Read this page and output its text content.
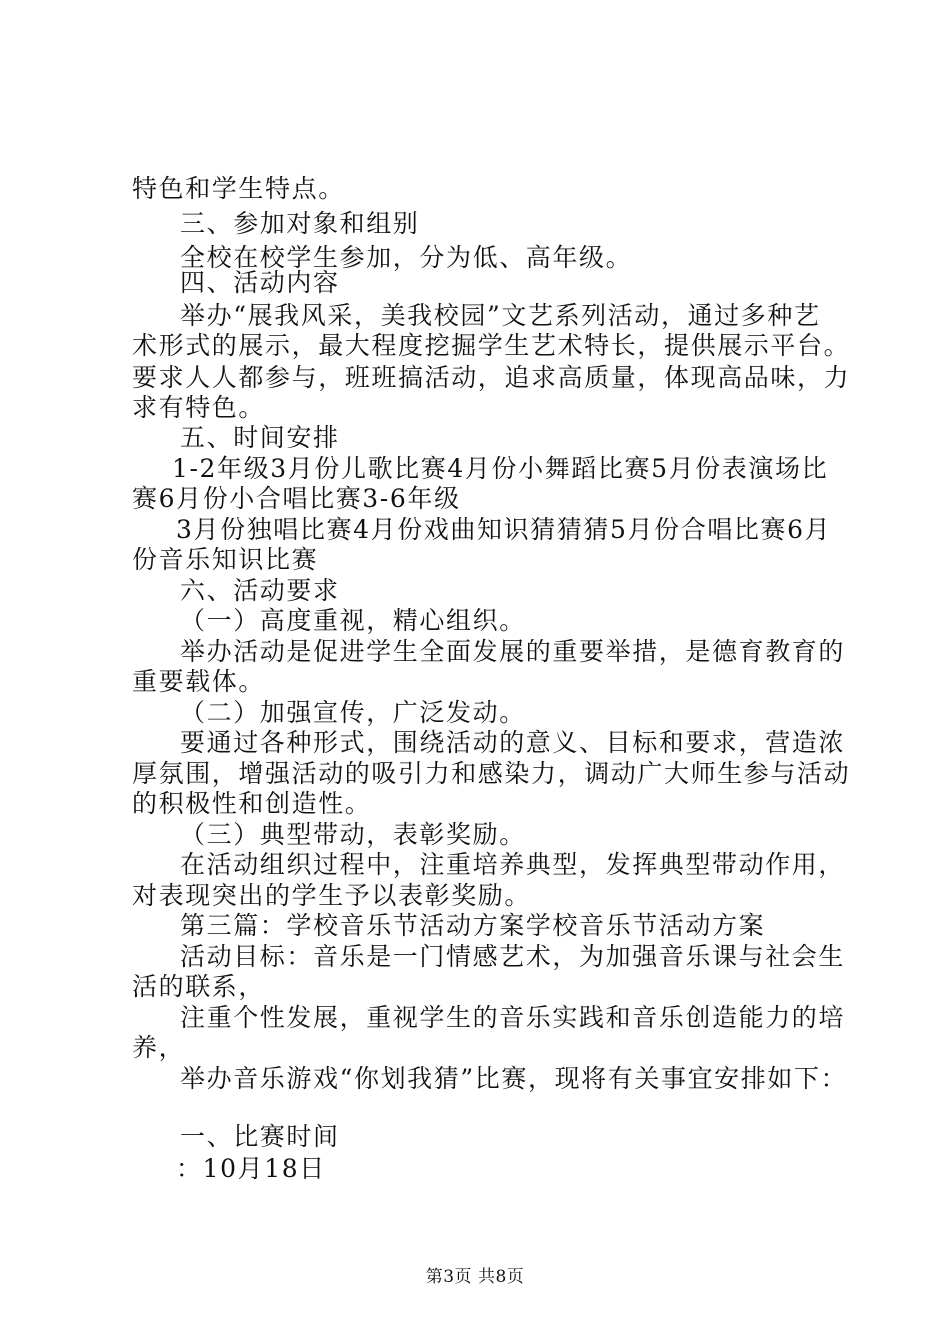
特色和学生特点。
三、参加对象和组别
全校在校学生参加，分为低、高年级。
四、活动内容
举办“展我风采，美我校园”文艺系列活动，通过多种艺
术形式的展示，最大程度挖掘学生艺术特长，提供展示平台。
要求人人都参与，班班搞活动，追求高质量，体现高品味，力
求有特色。
五、时间安排
1-2年级3月份儿歌比赛4月份小舞蹈比赛5月份表演场比
赛6月份小合唱比赛3-6年级
3月份独唱比赛4月份戏曲知识猜猜猜5月份合唱比赛6月
份音乐知识比赛
六、活动要求
（一）高度重视，精心组织。
举办活动是促进学生全面发展的重要举措，是德育教育的
重要载体。
（二）加强宣传，广泛发动。
要通过各种形式，围绕活动的意义、目标和要求，营造浓
厚氛围，增强活动的吸引力和感染力，调动广大师生参与活动
的积极性和创造性。
（三）典型带动，表彰奖励。
在活动组织过程中，注重培养典型，发挥典型带动作用，
对表现突出的学生予以表彰奖励。
第三篇：学校音乐节活动方案学校音乐节活动方案
活动目标：音乐是一门情感艺术，为加强音乐课与社会生
活的联系，
注重个性发展，重视学生的音乐实践和音乐创造能力的培
养，
举办音乐游戏“你划我猜”比赛，现将有关事宜安排如下：
一、比赛时间
：10月18日
第3页 共8页
